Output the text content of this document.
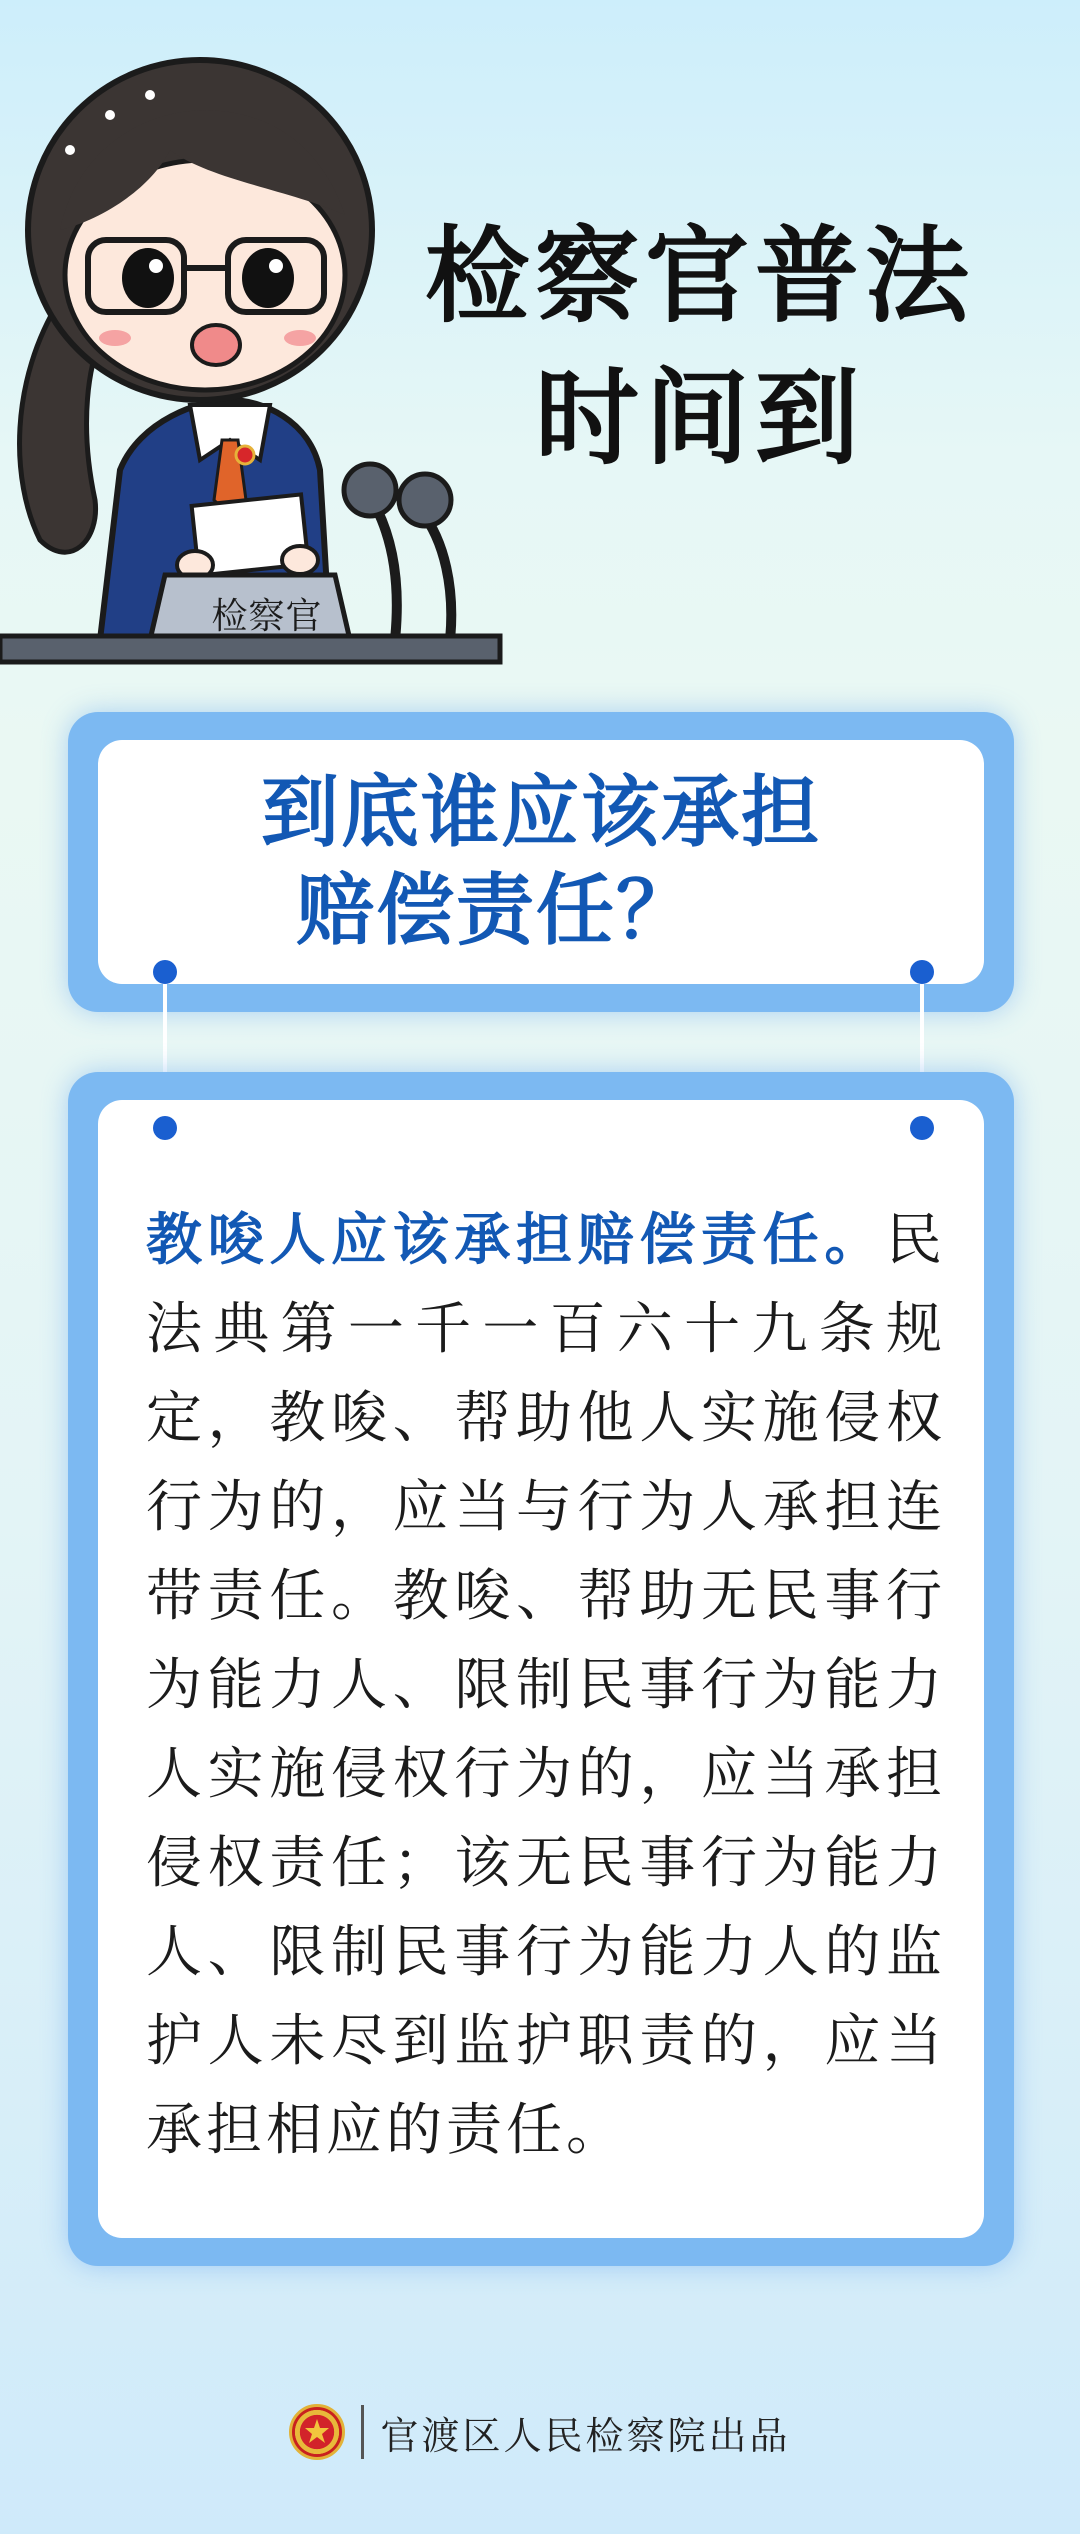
检察官
检察官普法
时间到
到底谁应该承担
赔偿责任？
教唆人应该承担赔偿责任。民法典第一千一百六十九条规定，教唆、帮助他人实施侵权行为的，应当与行为人承担连带责任。教唆、帮助无民事行为能力人、限制民事行为能力人实施侵权行为的，应当承担侵权责任；该无民事行为能力人、限制民事行为能力人的监护人未尽到监护职责的，应当承担相应的责任。
官渡区人民检察院出品
